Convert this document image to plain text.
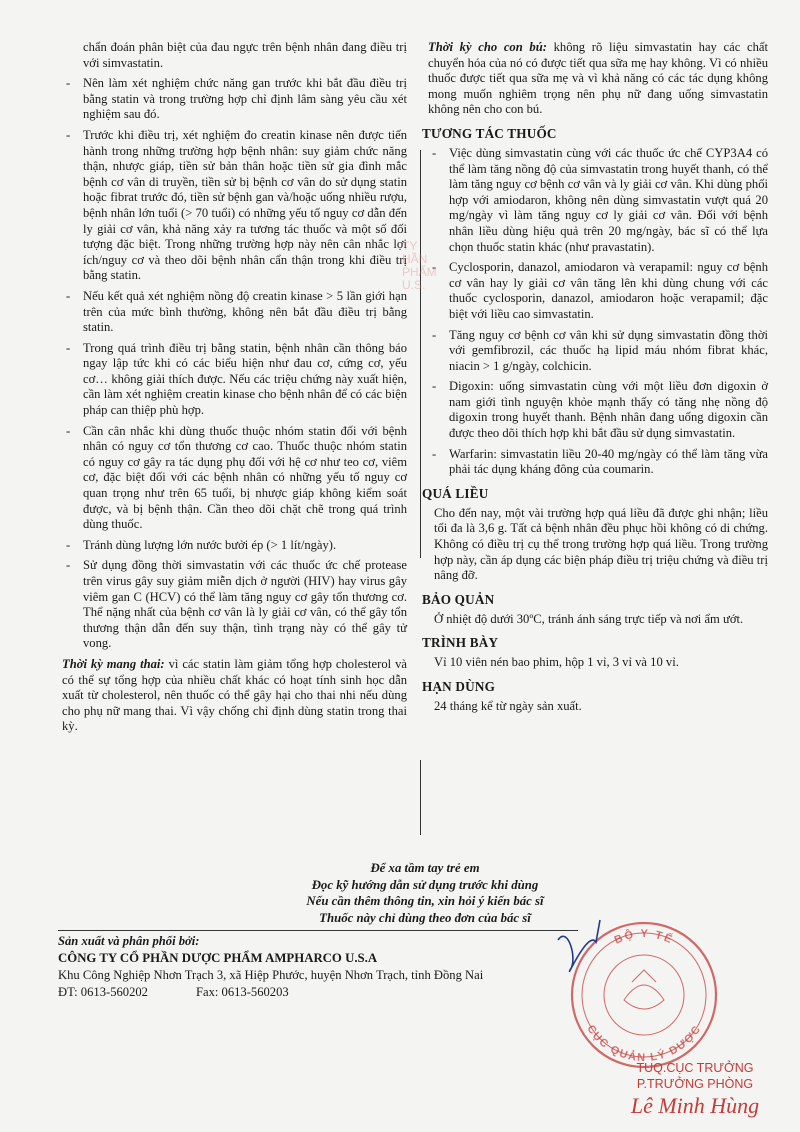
chẩn đoán phân biệt của đau ngực trên bệnh nhân đang điều trị với simvastatin.

- Nên làm xét nghiệm chức năng gan trước khi bắt đầu điều trị bằng statin và trong trường hợp chỉ định lâm sàng yêu cầu xét nghiệm sau đó.
- Trước khi điều trị, xét nghiệm đo creatin kinase nên được tiến hành trong những trường hợp bệnh nhân: suy giảm chức năng thận, nhược giáp, tiền sử bản thân hoặc tiền sử gia đình mắc bệnh cơ vân di truyền, tiền sử bị bệnh cơ vân do sử dụng statin hoặc fibrat trước đó, tiền sử bệnh gan và/hoặc uống nhiều rượu, bệnh nhân lớn tuổi (> 70 tuổi) có những yếu tố nguy cơ dẫn đến ly giải cơ vân, khả năng xảy ra tương tác thuốc và một số đối tượng đặc biệt. Trong những trường hợp này nên cân nhắc lợi ích/nguy cơ và theo dõi bệnh nhân cẩn thận trong khi điều trị bằng statin.
- Nếu kết quả xét nghiệm nồng độ creatin kinase > 5 lần giới hạn trên của mức bình thường, không nên bắt đầu điều trị bằng statin.
- Trong quá trình điều trị bằng statin, bệnh nhân cần thông báo ngay lập tức khi có các biểu hiện như đau cơ, cứng cơ, yếu cơ… không giải thích được. Nếu các triệu chứng này xuất hiện, cần làm xét nghiệm creatin kinase cho bệnh nhân để có các biện pháp can thiệp phù hợp.
- Cần cân nhắc khi dùng thuốc thuộc nhóm statin đối với bệnh nhân có nguy cơ tổn thương cơ cao. Thuốc thuộc nhóm statin có nguy cơ gây ra tác dụng phụ đối với hệ cơ như teo cơ, viêm cơ, đặc biệt đối với các bệnh nhân có những yếu tố nguy cơ quan trọng như trên 65 tuổi, bị nhược giáp không kiểm soát được, và bị bệnh thận. Cần theo dõi chặt chẽ trong quá trình dùng thuốc.
- Tránh dùng lượng lớn nước bưởi ép (> 1 lít/ngày).
- Sử dụng đồng thời simvastatin với các thuốc ức chế protease trên virus gây suy giảm miễn dịch ở người (HIV) hay virus gây viêm gan C (HCV) có thể làm tăng nguy cơ gây tổn thương cơ. Thể nặng nhất của bệnh cơ vân là ly giải cơ vân, có thể gây tổn thương thận dẫn đến suy thận, tình trạng này có thể gây tử vong.

Thời kỳ mang thai: vì các statin làm giảm tổng hợp cholesterol và có thể sự tổng hợp của nhiều chất khác có hoạt tính sinh học dẫn xuất từ cholesterol, nên thuốc có thể gây hại cho thai nhi nếu dùng cho phụ nữ mang thai. Vì vậy chống chỉ định dùng statin trong thai kỳ.

Thời kỳ cho con bú: không rõ liệu simvastatin hay các chất chuyển hóa của nó có được tiết qua sữa mẹ hay không. Vì có nhiều thuốc được tiết qua sữa mẹ và vì khả năng có các tác dụng không mong muốn nghiêm trọng nên phụ nữ đang uống simvastatin không nên cho con bú.

TƯƠNG TÁC THUỐC
- Việc dùng simvastatin cùng với các thuốc ức chế CYP3A4 có thể làm tăng nồng độ của simvastatin trong huyết thanh, có thể làm tăng nguy cơ bệnh cơ vân và ly giải cơ vân. Khi dùng phối hợp với amiodaron, không nên dùng simvastatin vượt quá 20 mg/ngày vì làm tăng nguy cơ ly giải cơ vân. Đối với bệnh nhân liều dùng hiệu quả trên 20 mg/ngày, bác sĩ có thể lựa chọn thuốc statin khác (như pravastatin).
- Cyclosporin, danazol, amiodaron và verapamil: nguy cơ bệnh cơ vân hay ly giải cơ vân tăng lên khi dùng chung với các thuốc cyclosporin, danazol, amiodaron hoặc verapamil; đặc biệt với liều cao simvastatin.
- Tăng nguy cơ bệnh cơ vân khi sử dụng simvastatin đồng thời với gemfibrozil, các thuốc hạ lipid máu nhóm fibrat khác, niacin > 1 g/ngày, colchicin.
- Digoxin: uống simvastatin cùng với một liều đơn digoxin ở nam giới tình nguyện khỏe mạnh thấy có tăng nhẹ nồng độ digoxin trong huyết thanh. Bệnh nhân đang uống digoxin cần được theo dõi thích hợp khi bắt đầu sử dụng simvastatin.
- Warfarin: simvastatin liều 20-40 mg/ngày có thể làm tăng vừa phải tác dụng kháng đông của coumarin.
QUÁ LIỀU

Cho đến nay, một vài trường hợp quá liều đã được ghi nhận; liều tối đa là 3,6 g. Tất cả bệnh nhân đều phục hồi không có di chứng. Không có điều trị cụ thể trong trường hợp quá liều. Trong trường hợp này, cần áp dụng các biện pháp điều trị triệu chứng và điều trị nâng đỡ.

BẢO QUẢN

Ở nhiệt độ dưới 30ºC, tránh ánh sáng trực tiếp và nơi ẩm ướt.

TRÌNH BÀY

Vỉ 10 viên nén bao phim, hộp 1 vỉ, 3 vỉ và 10 vỉ.

HẠN DÙNG

24 tháng kể từ ngày sản xuất.

TY
HẦN
PHẨM
U.S.
Để xa tầm tay trẻ em
Đọc kỹ hướng dẫn sử dụng trước khi dùng
Nếu cần thêm thông tin, xin hỏi ý kiến bác sĩ
Thuốc này chỉ dùng theo đơn của bác sĩ
Sản xuất và phân phối bởi:
CÔNG TY CỔ PHẦN DƯỢC PHẨM AMPHARCO U.S.A
Khu Công Nghiệp Nhơn Trạch 3, xã Hiệp Phước, huyện Nhơn Trạch, tỉnh Đồng Nai
ĐT: 0613-560202	Fax: 0613-560203
BỘ Y TẾ
CỤC QUẢN LÝ DƯỢC
TUQ.CỤC TRƯỞNG
P.TRƯỞNG PHÒNG
Lê Minh Hùng
